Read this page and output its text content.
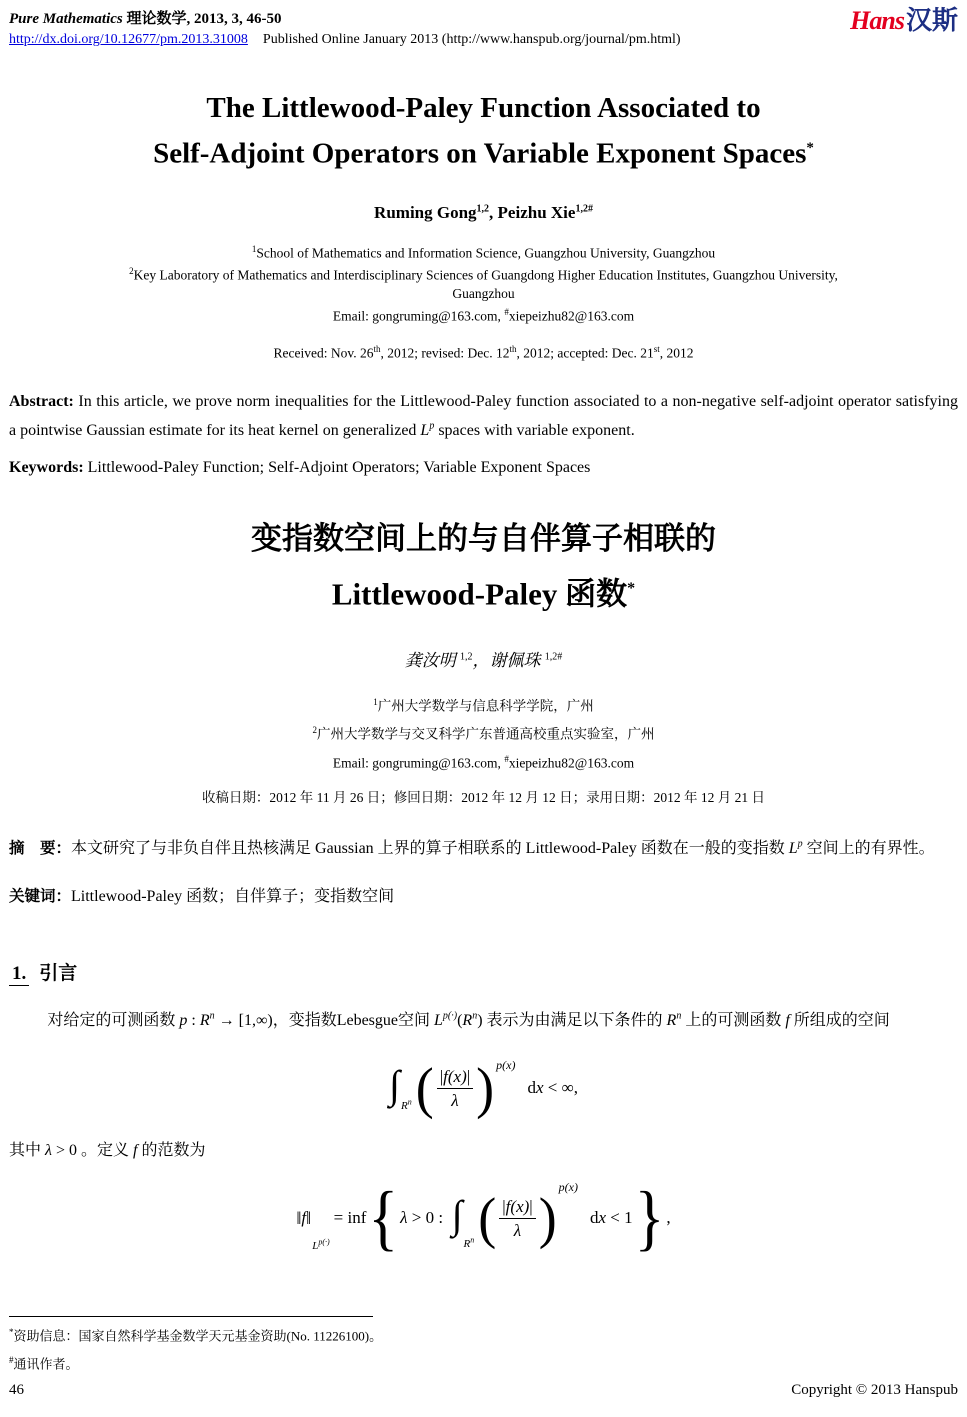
Pure Mathematics 理论数学, 2013, 3, 46-50
http://dx.doi.org/10.12677/pm.2013.31008 Published Online January 2013 (http://www.hanspub.org/journal/pm.html)
Hans汉斯
The Littlewood-Paley Function Associated to
Self-Adjoint Operators on Variable Exponent Spaces*
Ruming Gong$^{1,2}$, Peizhu Xie$^{1,2\#}$
$^1$School of Mathematics and Information Science, Guangzhou University, Guangzhou
$^2$Key Laboratory of Mathematics and Interdisciplinary Sciences of Guangdong Higher Education Institutes, Guangzhou University,
Guangzhou
Email: gongruming@163.com, #xiepeizhu82@163.com
Received: Nov. 26th, 2012; revised: Dec. 12th, 2012; accepted: Dec. 21st, 2012
Abstract: In this article, we prove norm inequalities for the Littlewood-Paley function associated to a non-negative self-adjoint operator satisfying a pointwise Gaussian estimate for its heat kernel on generalized $L^p$ spaces with variable exponent.
Keywords: Littlewood-Paley Function; Self-Adjoint Operators; Variable Exponent Spaces
变指数空间上的与自伴算子相联的
Littlewood-Paley 函数*
龚汝明 $^{1,2}$，谢佩珠 $^{1,2\#}$
$^1$广州大学数学与信息科学学院，广州
$^2$广州大学数学与交叉科学广东普通高校重点实验室，广州
Email: gongruming@163.com, #xiepeizhu82@163.com
收稿日期：2012 年 11 月 26 日；修回日期：2012 年 12 月 12 日；录用日期：2012 年 12 月 21 日
摘　要：本文研究了与非负自伴且热核满足 Gaussian 上界的算子相联系的 Littlewood-Paley 函数在一般的变指数 $L^p$ 空间上的有界性。
关键词：Littlewood-Paley 函数；自伴算子；变指数空间
1. 引言
对给定的可测函数 p : $R^n \to [1,\infty)$，变指数Lebesgue空间 $L^{p(\cdot)}(R^n)$ 表示为由满足以下条件的 $R^n$ 上的可测函数 f 所组成的空间
∫ $R^n$ ( $\frac{|f(x)|}{\lambda}$ ) p(x)
dx < ∞,
其中 λ > 0 。定义 f 的范数为
‖ f ‖
$L^{p(\cdot)}$
= inf { λ > 0 : ∫
$R^n$ ( $\frac{|f(x)|}{\lambda}$ ) p(x)
dx < 1 } ,
*资助信息：国家自然科学基金数学天元基金资助(No. 11226100)。
#通讯作者。
46	Copyright © 2013 Hanspub
